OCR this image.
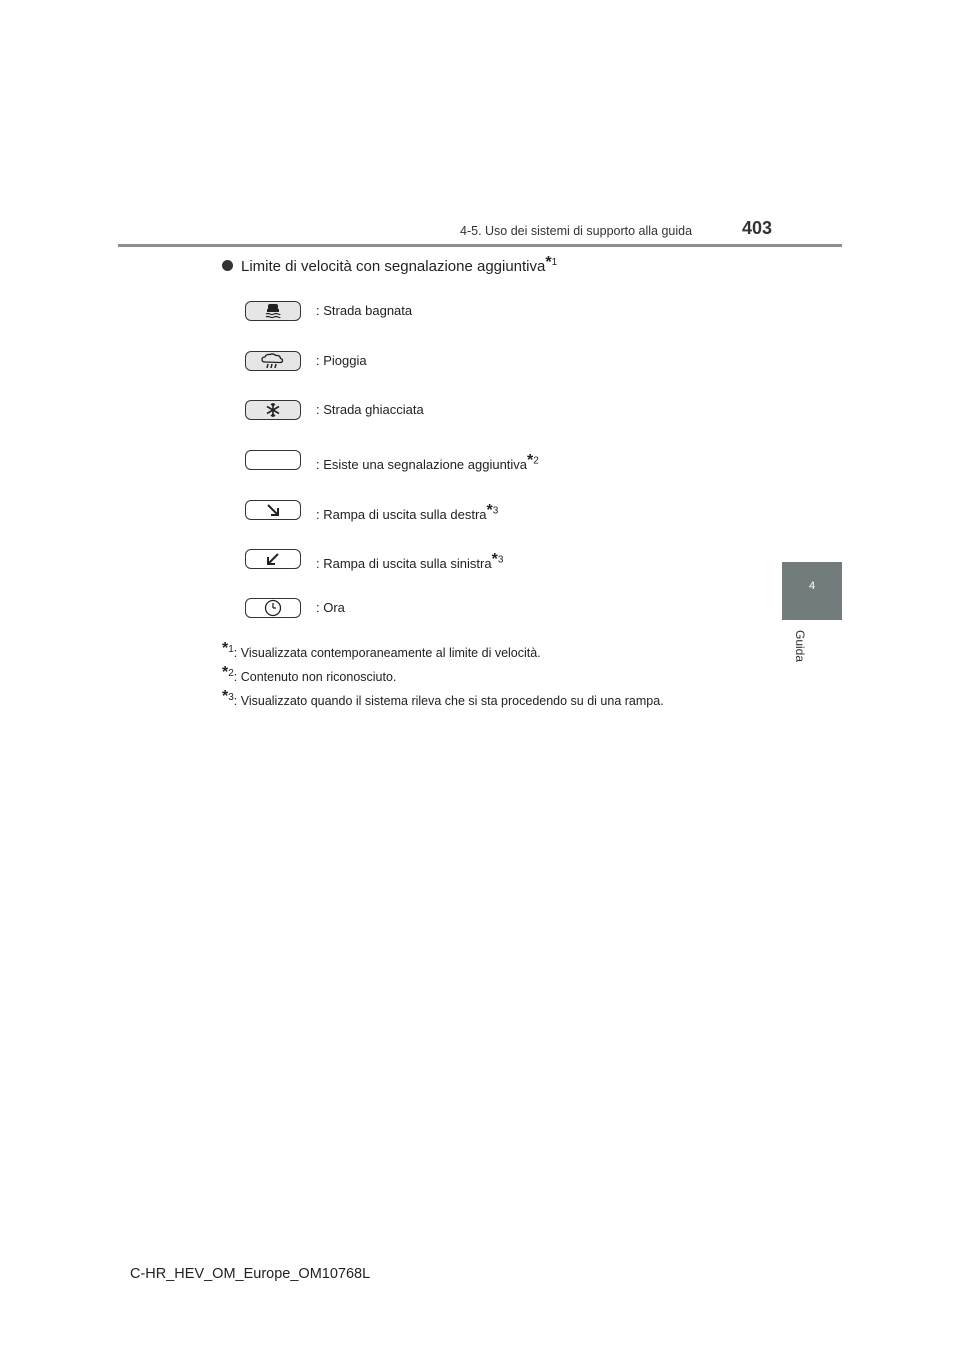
4-5. Uso dei sistemi di supporto alla guida	403
4
Guida
Limite di velocità con segnalazione aggiuntiva*$^1$
: Strada bagnata
: Pioggia
: Strada ghiacciata
: Esiste una segnalazione aggiuntiva*$^2$
: Rampa di uscita sulla destra*$^3$
: Rampa di uscita sulla sinistra*$^3$
: Ora
*$^1$: Visualizzata contemporaneamente al limite di velocità.
*$^2$: Contenuto non riconosciuto.
*$^3$: Visualizzato quando il sistema rileva che si sta procedendo su di una rampa.
C-HR_HEV_OM_Europe_OM10768L
